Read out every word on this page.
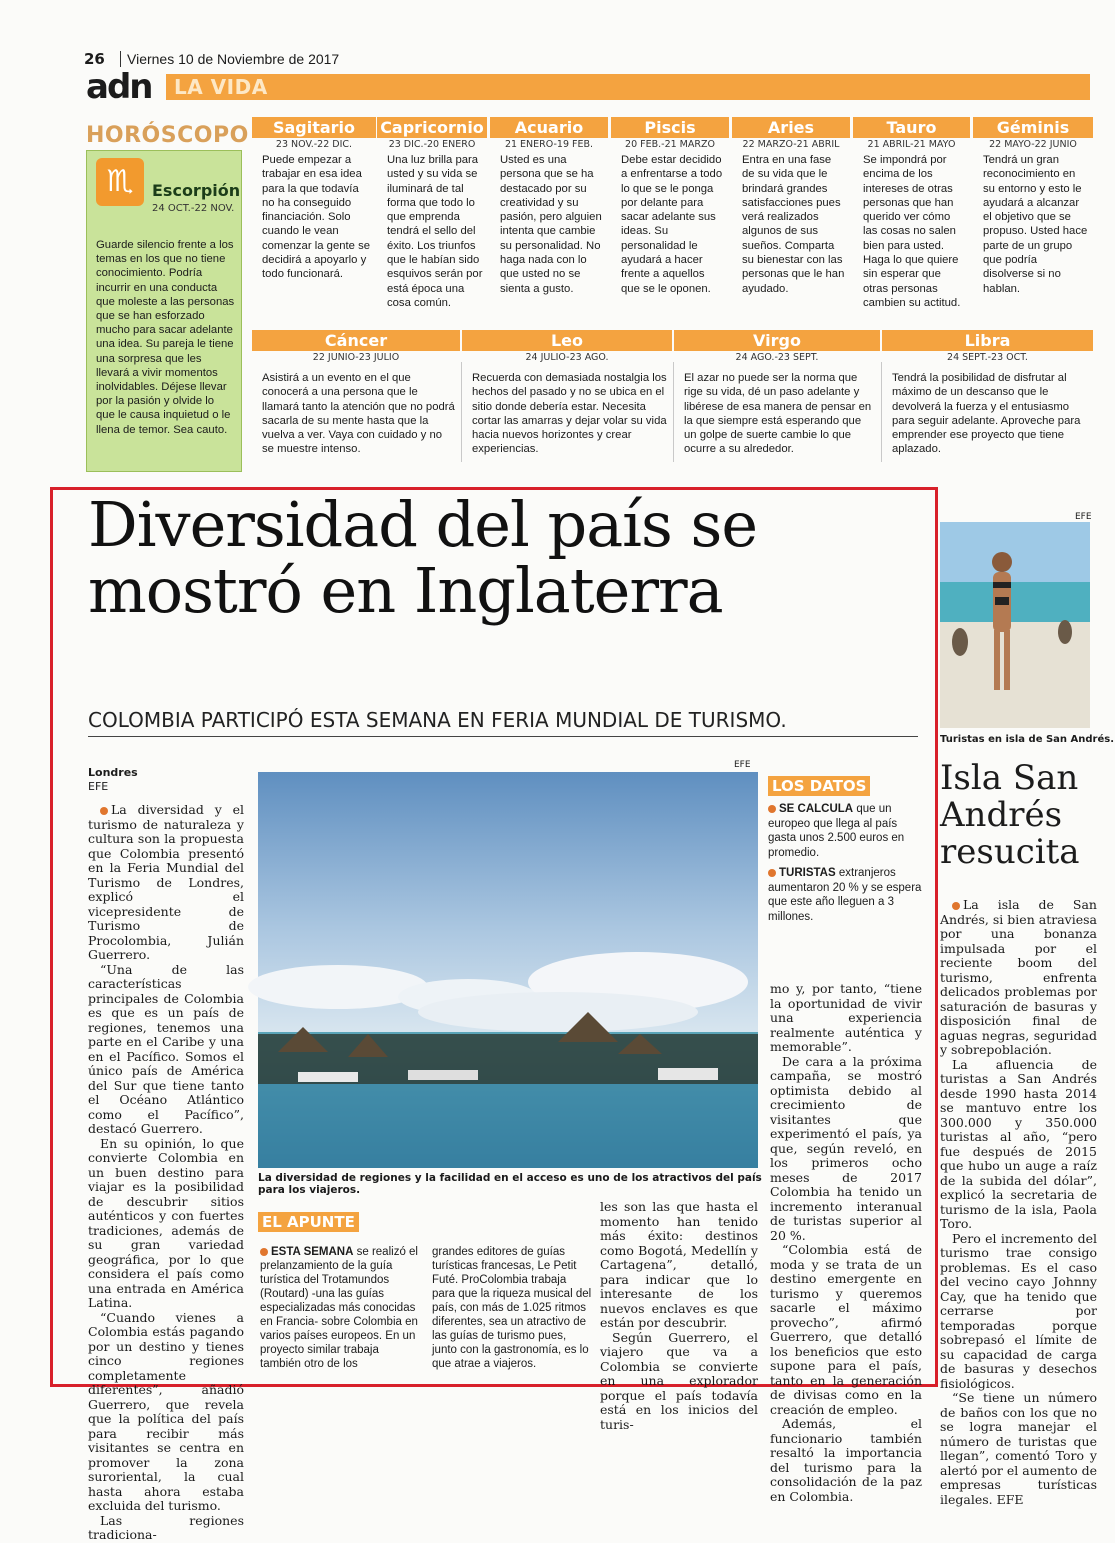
26	Viernes 10 de Noviembre de 2017
adn	LA VIDA
HORÓSCOPO
♏	Escorpión
24 OCT.-22 NOV.
Guarde silencio frente a los temas en los que no tiene conocimiento. Podría incurrir en una conducta que moleste a las personas que se han esforzado mucho para sacar adelante una idea. Su pareja le tiene una sorpresa que les llevará a vivir momentos inolvidables. Déjese llevar por la pasión y olvide lo que le causa inquietud o le llena de temor. Sea cauto.
Sagitario
23 NOV.-22 DIC.
Puede empezar a trabajar en esa idea para la que todavía no ha conseguido financiación. Solo cuando le vean comenzar la gente se decidirá a apoyarlo y todo funcionará.
Capricornio
23 DIC.-20 ENERO
Una luz brilla para usted y su vida se iluminará de tal forma que todo lo que emprenda tendrá el sello del éxito. Los triunfos que le habían sido esquivos serán por está época una cosa común.
Acuario
21 ENERO-19 FEB.
Usted es una persona que se ha destacado por su creatividad y su pasión, pero alguien intenta que cambie su personalidad. No haga nada con lo que usted no se sienta a gusto.
Piscis
20 FEB.-21 MARZO
Debe estar decidido a enfrentarse a todo lo que se le ponga por delante para sacar adelante sus ideas. Su personalidad le ayudará a hacer frente a aquellos que se le oponen.
Aries
22 MARZO-21 ABRIL
Entra en una fase de su vida que le brindará grandes satisfacciones pues verá realizados algunos de sus sueños. Comparta su bienestar con las personas que le han ayudado.
Tauro
21 ABRIL-21 MAYO
Se impondrá por encima de los intereses de otras personas que han querido ver cómo las cosas no salen bien para usted. Haga lo que quiere sin esperar que otras personas cambien su actitud.
Géminis
22 MAYO-22 JUNIO
Tendrá un gran reconocimiento en su entorno y esto le ayudará a alcanzar el objetivo que se propuso. Usted hace parte de un grupo que podría disolverse si no hablan.
Cáncer
22 JUNIO-23 JULIO
Asistirá a un evento en el que conocerá a una persona que le llamará tanto la atención que no podrá sacarla de su mente hasta que la vuelva a ver. Vaya con cuidado y no se muestre intenso.
Leo
24 JULIO-23 AGO.
Recuerda con demasiada nostalgia los hechos del pasado y no se ubica en el sitio donde debería estar. Necesita cortar las amarras y dejar volar su vida hacia nuevos horizontes y crear experiencias.
Virgo
24 AGO.-23 SEPT.
El azar no puede ser la norma que rige su vida, dé un paso adelante y libérese de esa manera de pensar en la que siempre está esperando que un golpe de suerte cambie lo que ocurre a su alrededor.
Libra
24 SEPT.-23 OCT.
Tendrá la posibilidad de disfrutar al máximo de un descanso que le devolverá la fuerza y el entusiasmo para seguir adelante. Aproveche para emprender ese proyecto que tiene aplazado.
Diversidad del país se mostró en Inglaterra
COLOMBIA PARTICIPÓ ESTA SEMANA EN FERIA MUNDIAL DE TURISMO.
Londres
EFE

La diversidad y el turismo de naturaleza y cultura son la propuesta que Colombia presentó en la Feria Mundial del Turismo de Londres, explicó el vicepresidente de Turismo de Procolombia, Julián Guerrero.

“Una de las características principales de Colombia es que es un país de regiones, tenemos una parte en el Caribe y una en el Pacífico. Somos el único país de América del Sur que tiene tanto el Océano Atlántico como el Pacífico”, destacó Guerrero.

En su opinión, lo que convierte Colombia en un buen destino para viajar es la posibilidad de descubrir sitios auténticos y con fuertes tradiciones, además de su gran variedad geográfica, por lo que considera el país como una entrada en América Latina.

“Cuando vienes a Colombia estás pagando por un destino y tienes cinco regiones completamente diferentes”, añadió Guerrero, que revela que la política del país para recibir más visitantes se centra en promover la zona suroriental, la cual hasta ahora estaba excluida del turismo.

Las regiones tradiciona-

EFE
La diversidad de regiones y la facilidad en el acceso es uno de los atractivos del país para los viajeros.
LOS DATOS
SE CALCULA que un europeo que llega al país gasta unos 2.500 euros en promedio.
TURISTAS extranjeros aumentaron 20 % y se espera que este año lleguen a 3 millones.

mo y, por tanto, “tiene la oportunidad de vivir una experiencia realmente auténtica y memorable”.

De cara a la próxima campaña, se mostró optimista debido al crecimiento de visitantes que experimentó el país, ya que, según reveló, en los primeros ocho meses de 2017 Colombia ha tenido un incremento interanual de turistas superior al 20 %.

“Colombia está de moda y se trata de un destino emergente en turismo y queremos sacarle el máximo provecho”, afirmó Guerrero, que detalló los beneficios que esto supone para el país, tanto en la generación de divisas como en la creación de empleo.

Además, el funcionario también resaltó la importancia del turismo para la consolidación de la paz en Colombia.

EL APUNTE
ESTA SEMANA se realizó el prelanzamiento de la guía turística del Trotamundos (Routard) -una las guías especializadas más conocidas en Francia- sobre Colombia en varios países europeos. En un proyecto similar trabaja también otro de los
grandes editores de guías turísticas francesas, Le Petit Futé. ProColombia trabaja para que la riqueza musical del país, con más de 1.025 ritmos diferentes, sea un atractivo de las guías de turismo pues, junto con la gastronomía, es lo que atrae a viajeros.

les son las que hasta el momento han tenido más éxito: destinos como Bogotá, Medellín y Cartagena”, detalló, para indicar que lo interesante de los nuevos enclaves es que están por descubrir.

Según Guerrero, el viajero que va a Colombia se convierte en una explorador porque el país todavía está en los inicios del turis-

EFE
Turistas en isla de San Andrés.
Isla San Andrés resucita

La isla de San Andrés, si bien atraviesa por una bonanza impulsada por el reciente boom del turismo, enfrenta delicados problemas por saturación de basuras y disposición final de aguas negras, seguridad y sobrepoblación.

La afluencia de turistas a San Andrés desde 1990 hasta 2014 se mantuvo entre los 300.000 y 350.000 turistas al año, “pero fue después de 2015 que hubo un auge a raíz de la subida del dólar”, explicó la secretaria de turismo de la isla, Paola Toro.

Pero el incremento del turismo trae consigo problemas. Es el caso del vecino cayo Johnny Cay, que ha tenido que cerrarse por temporadas porque sobrepasó el límite de su capacidad de carga de basuras y desechos fisiológicos.

“Se tiene un número de baños con los que no se logra manejar el número de turistas que llegan”, comentó Toro y alertó por el aumento de empresas turísticas ilegales. EFE
